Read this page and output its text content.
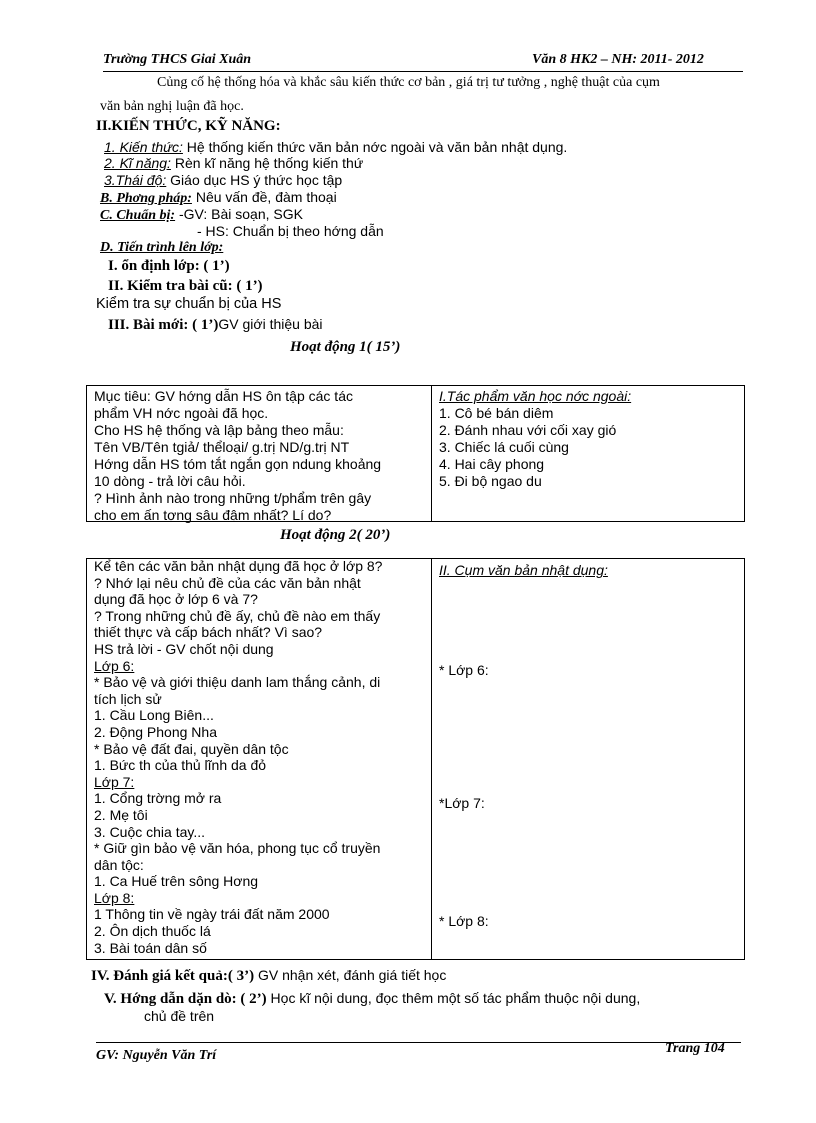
Trường THCS Giai Xuân	Văn 8 HK2 – NH: 2011- 2012
Củng cố hệ thống hóa và khắc sâu kiến thức cơ bản , giá trị tư tưởng , nghệ thuật của cụm
văn bản nghị luận đã học.
II.KIẾN THỨC, KỸ NĂNG:
1. Kiến thức: Hệ thống kiến thức văn bản nớc ngoài và văn bản nhật dụng.
2. Kĩ năng: Rèn kĩ năng hệ thống kiến thứ
3.Thái độ: Giáo dục HS ý thức học tập
B. Phơng pháp: Nêu vấn đề, đàm thoại
C. Chuẩn bị: -GV: Bài soạn, SGK
- HS: Chuẩn bị theo hớng dẫn
D. Tiến trình lên lớp:
I. ổn định lớp: ( 1’)
II. Kiểm tra bài cũ: ( 1’)
Kiểm tra sự chuẩn bị của HS
III. Bài mới: ( 1’)GV giới thiệu bài
Hoạt động 1( 15’)
Mục tiêu: GV hớng dẫn HS ôn tập các tác
phẩm VH nớc ngoài đã học.
Cho HS hệ thống và lập bảng theo mẫu:
Tên VB/Tên tgiả/ thểloại/ g.trị ND/g.trị NT
Hớng dẫn HS tóm tắt ngắn gọn ndung khoảng
10 dòng - trả lời câu hỏi.
? Hình ảnh nào trong những t/phẩm trên gây
cho em ấn tợng sâu đậm nhất? Lí do?
I.Tác phẩm văn học nớc ngoài:
1. Cô bé bán diêm
2. Đánh nhau với cối xay gió
3. Chiếc lá cuối cùng
4. Hai cây phong
5. Đi bộ ngao du
Hoạt động 2( 20’)
Kể tên các văn bản nhật dụng đã học ở lớp 8?
? Nhớ lại nêu chủ đề của các văn bản nhật
dụng đã học ở lớp 6 và 7?
? Trong những chủ đề ấy, chủ đề nào em thấy
thiết thực và cấp bách nhất? Vì sao?
HS trả lời - GV chốt nội dung
Lớp 6:
* Bảo vệ và giới thiệu danh lam thắng cảnh, di
tích lịch sử
1. Cầu Long Biên...
2. Động Phong Nha
* Bảo vệ đất đai, quyền dân tộc
1. Bức th của thủ lĩnh da đỏ
Lớp 7:
1. Cổng trờng mở ra
2. Mẹ tôi
3. Cuộc chia tay...
* Giữ gìn bảo vệ văn hóa, phong tục cổ truyền
dân tộc:
1. Ca Huế trên sông Hơng
Lớp 8:
1 Thông tin về ngày trái đất năm 2000
2. Ôn dịch thuốc lá
3. Bài toán dân số
II. Cụm văn bản nhật dụng:
* Lớp 6:
*Lớp 7:
* Lớp 8:
IV. Đánh giá kết quả:( 3’) GV nhận xét, đánh giá tiết học
V. Hớng dẫn dặn dò: ( 2’) Học kĩ nội dung, đọc thêm một số tác phẩm thuộc nội dung,
chủ đề trên
Trang 104
GV: Nguyễn Văn Trí
